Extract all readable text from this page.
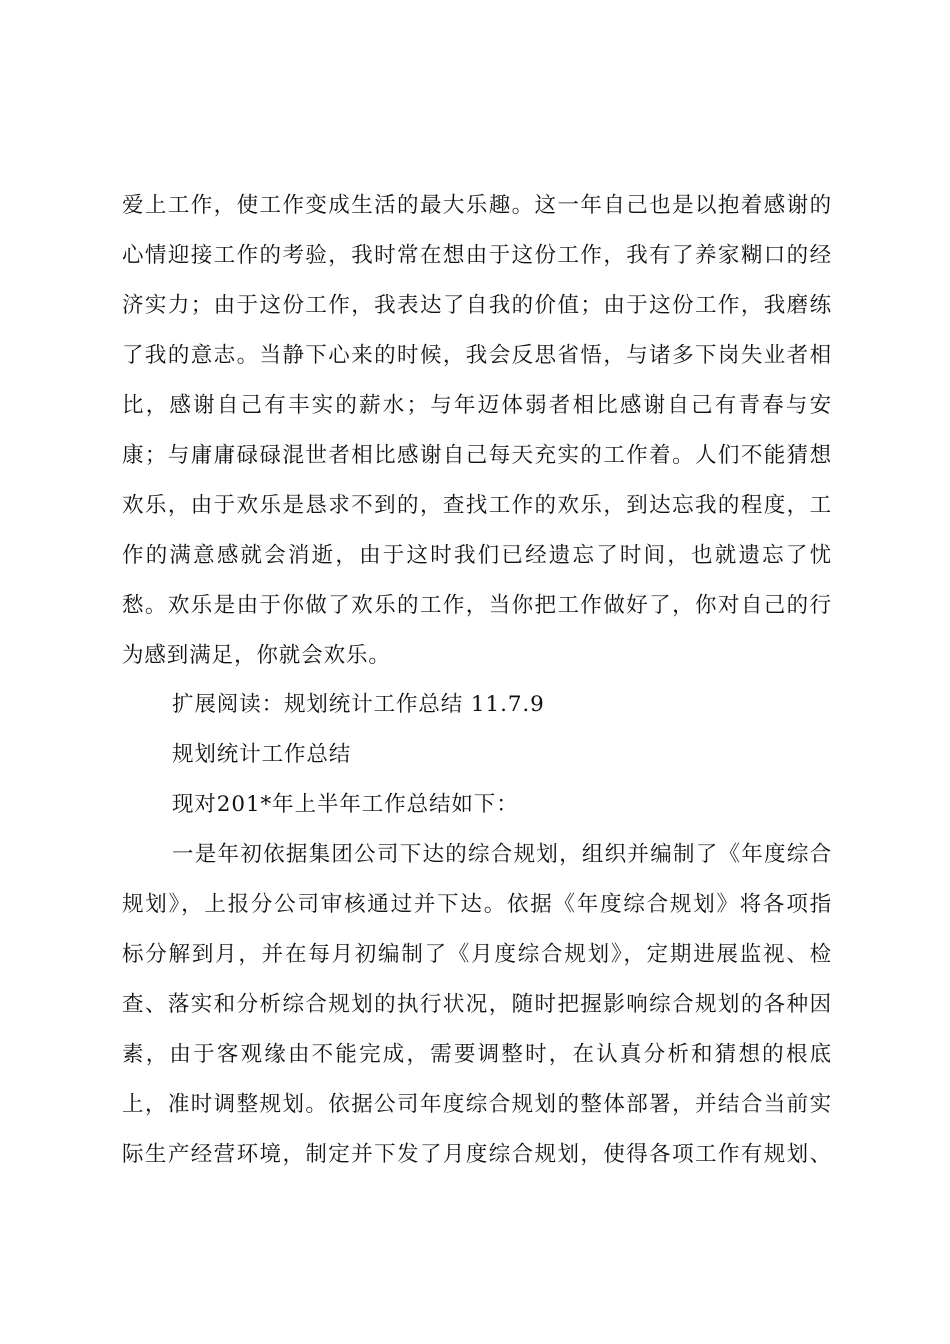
爱上工作，使工作变成生活的最大乐趣。这一年自己也是以抱着感谢的
心情迎接工作的考验，我时常在想由于这份工作，我有了养家糊口的经
济实力；由于这份工作，我表达了自我的价值；由于这份工作，我磨练
了我的意志。当静下心来的时候，我会反思省悟，与诸多下岗失业者相
比，感谢自己有丰实的薪水；与年迈体弱者相比感谢自己有青春与安
康；与庸庸碌碌混世者相比感谢自己每天充实的工作着。人们不能猜想
欢乐，由于欢乐是恳求不到的，查找工作的欢乐，到达忘我的程度，工
作的满意感就会消逝，由于这时我们已经遗忘了时间，也就遗忘了忧
愁。欢乐是由于你做了欢乐的工作，当你把工作做好了，你对自己的行
为感到满足，你就会欢乐。
扩展阅读：规划统计工作总结 11.7.9
规划统计工作总结
现对201*年上半年工作总结如下：
一是年初依据集团公司下达的综合规划，组织并编制了《年度综合
规划》，上报分公司审核通过并下达。依据《年度综合规划》将各项指
标分解到月，并在每月初编制了《月度综合规划》，定期进展监视、检
查、落实和分析综合规划的执行状况，随时把握影响综合规划的各种因
素，由于客观缘由不能完成，需要调整时，在认真分析和猜想的根底
上，准时调整规划。依据公司年度综合规划的整体部署，并结合当前实
际生产经营环境，制定并下发了月度综合规划，使得各项工作有规划、
